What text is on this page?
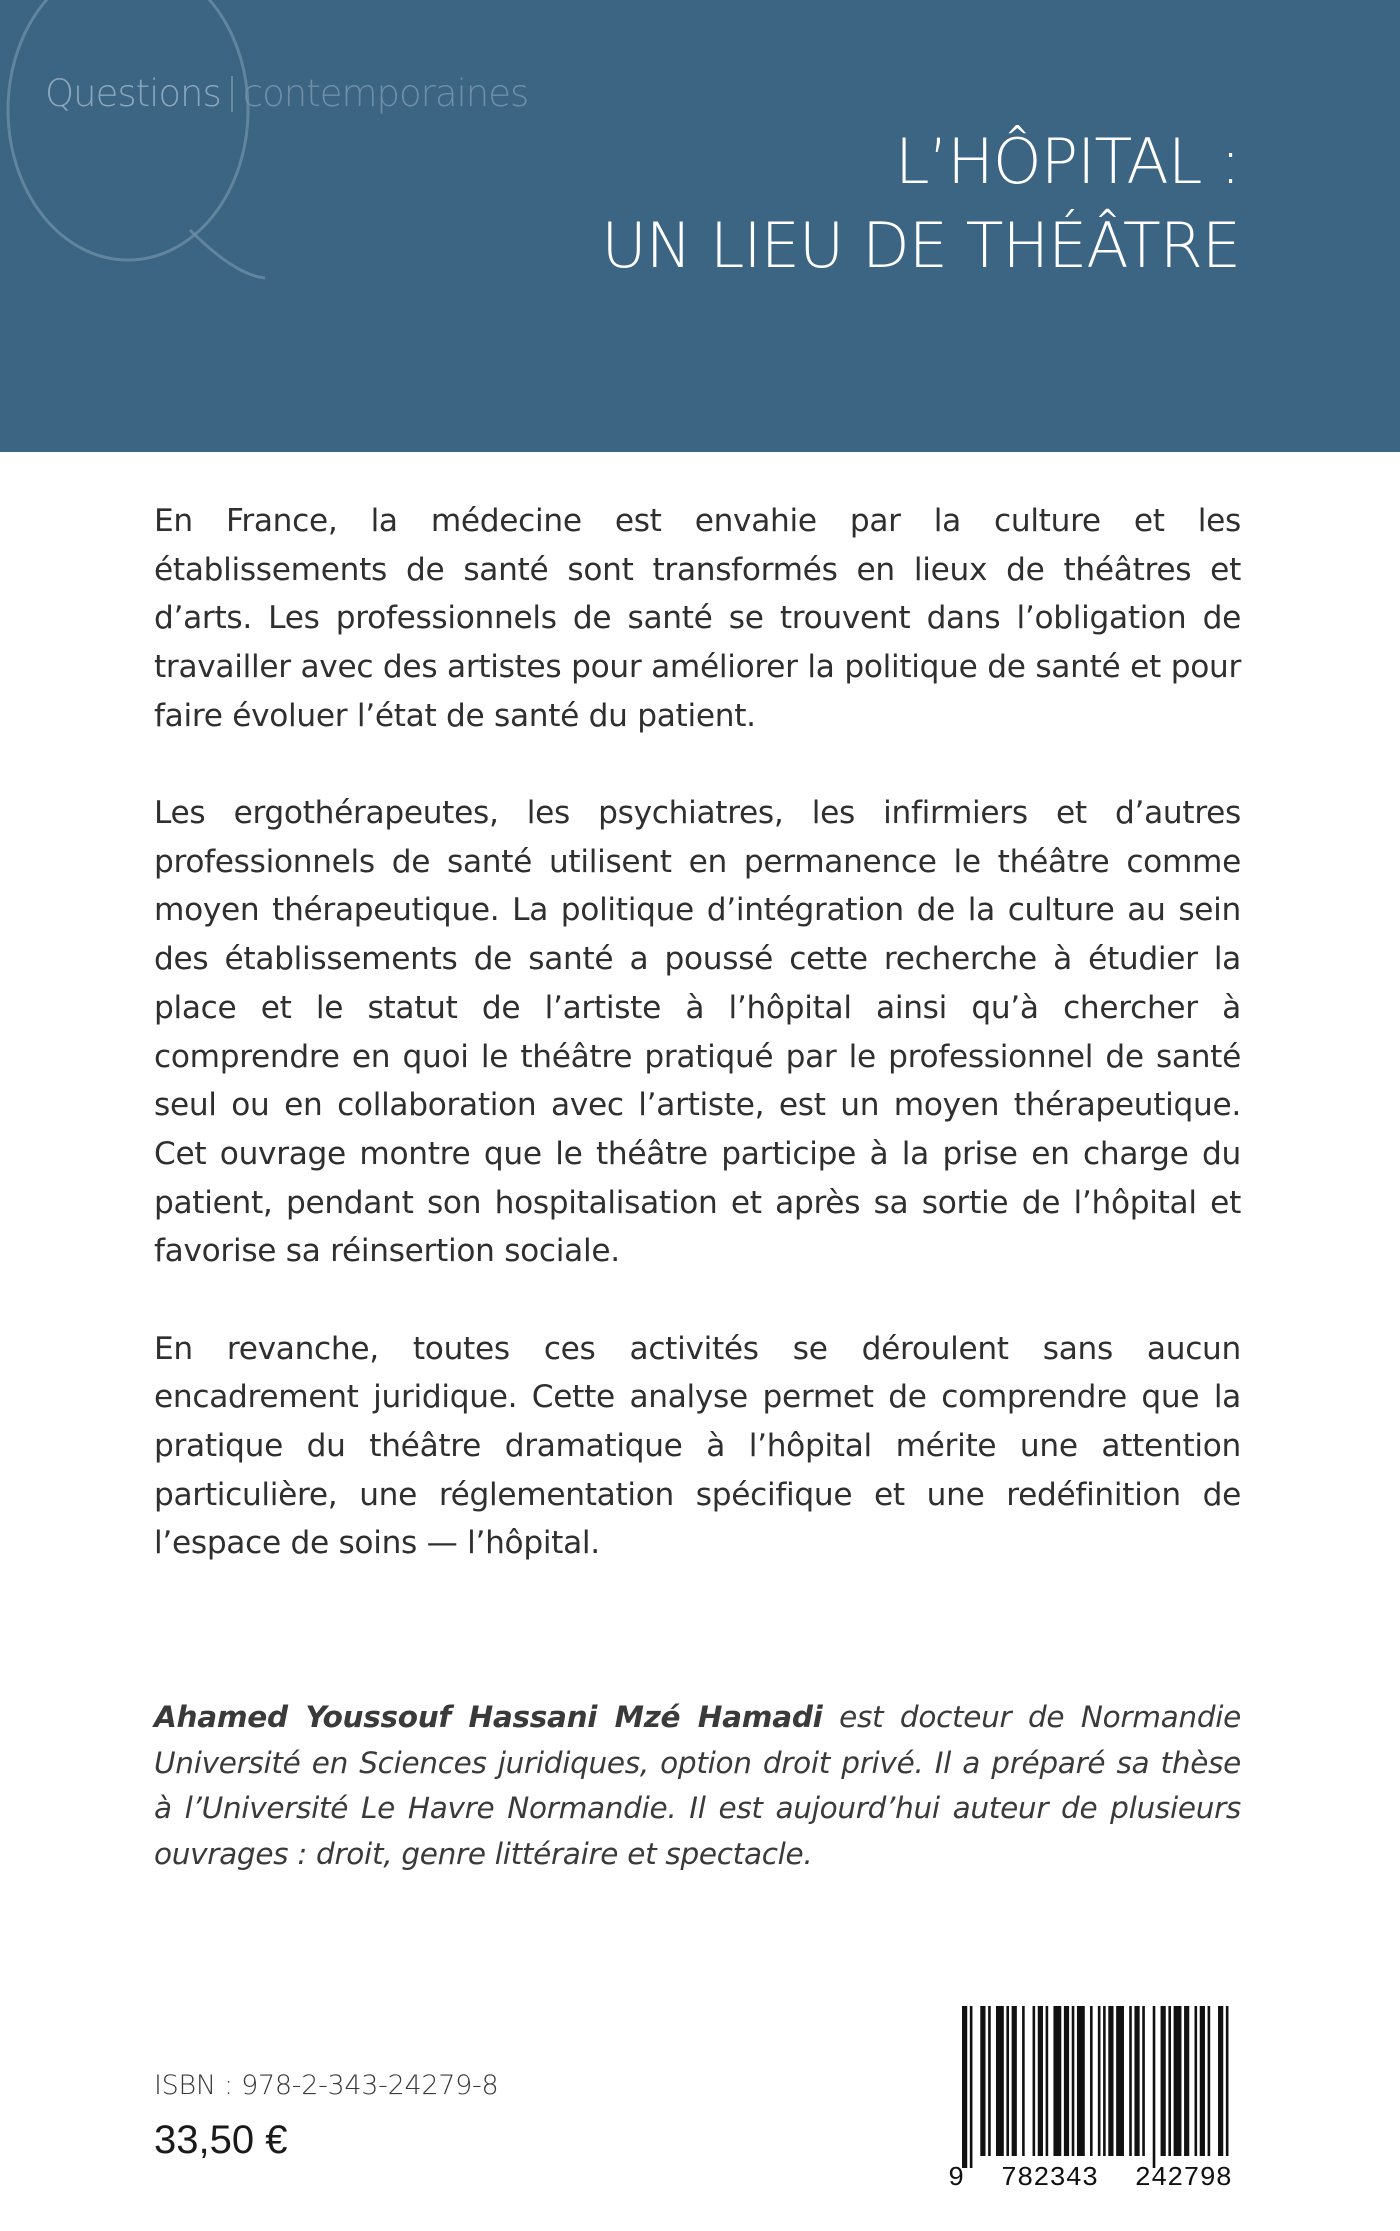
Questions contemporaines
L’HÔPITAL :
UN LIEU DE THÉÂTRE

En France, la médecine est envahie par la culture et les établissements de santé sont transformés en lieux de théâtres et d’arts. Les professionnels de santé se trouvent dans l’obligation de travailler avec des artistes pour améliorer la politique de santé et pour faire évoluer l’état de santé du patient.

Les ergothérapeutes, les psychiatres, les infirmiers et d’autres professionnels de santé utilisent en permanence le théâtre comme moyen thérapeutique. La politique d’intégration de la culture au sein des établissements de santé a poussé cette recherche à étudier la place et le statut de l’artiste à l’hôpital ainsi qu’à chercher à comprendre en quoi le théâtre pratiqué par le professionnel de santé seul ou en collaboration avec l’artiste, est un moyen thérapeutique. Cet ouvrage montre que le théâtre participe à la prise en charge du patient, pendant son hospitalisation et après sa sortie de l’hôpital et favorise sa réinsertion sociale.

En revanche, toutes ces activités se déroulent sans aucun encadrement juridique. Cette analyse permet de comprendre que la pratique du théâtre dramatique à l’hôpital mérite une attention particulière, une réglementation spécifique et une redéfinition de l’espace de soins — l’hôpital.

Ahamed Youssouf Hassani Mzé Hamadi est docteur de Normandie Université en Sciences juridiques, option droit privé. Il a préparé sa thèse à l’Université Le Havre Normandie. Il est aujourd’hui auteur de plusieurs ouvrages : droit, genre littéraire et spectacle.
ISBN : 978-2-343-24279-8
33,50 €
9 782343 242798
